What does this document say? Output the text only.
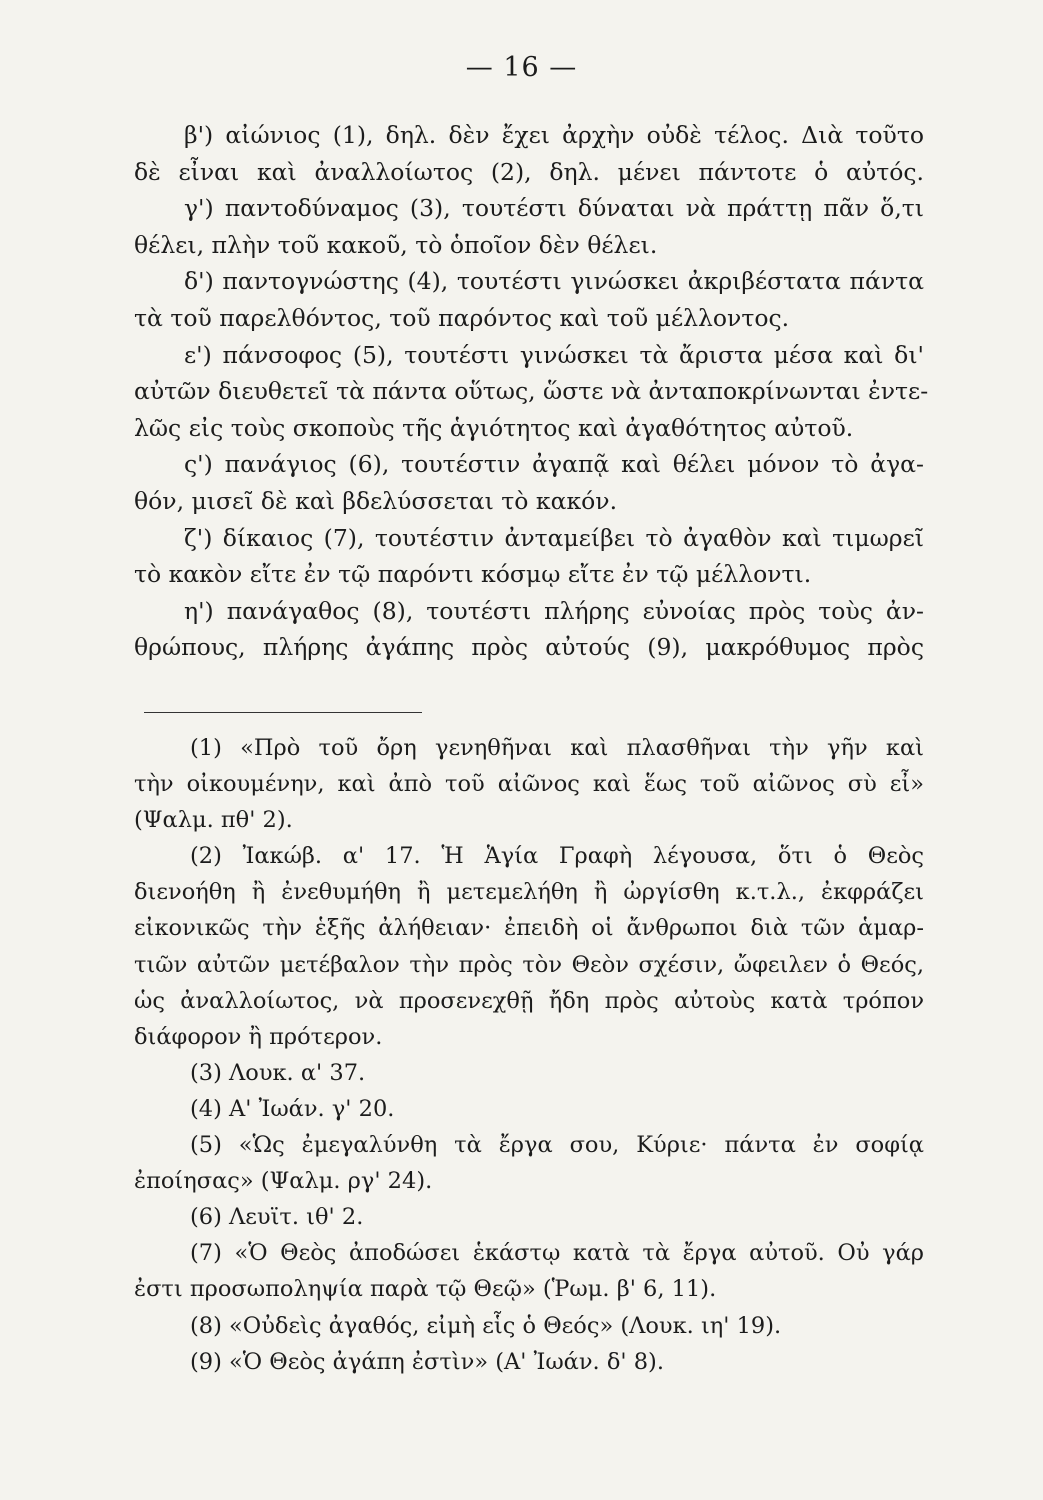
— 16 —
β') αἰώνιος (1), δηλ. δὲν ἔχει ἀρχὴν οὐδὲ τέλος. Διὰ τοῦτο
δὲ εἶναι καὶ ἀναλλοίωτος (2), δηλ. μένει πάντοτε ὁ αὐτός.
γ') παντοδύναμος (3), τουτέστι δύναται νὰ πράττῃ πᾶν ὅ,τι
θέλει, πλὴν τοῦ κακοῦ, τὸ ὁποῖον δὲν θέλει.
δ') παντογνώστης (4), τουτέστι γινώσκει ἀκριβέστατα πάντα
τὰ τοῦ παρελθόντος, τοῦ παρόντος καὶ τοῦ μέλλοντος.
ε') πάνσοφος (5), τουτέστι γινώσκει τὰ ἄριστα μέσα καὶ δι'
αὐτῶν διευθετεῖ τὰ πάντα οὕτως, ὥστε νὰ ἀνταποκρίνωνται ἐντε-
λῶς εἰς τοὺς σκοποὺς τῆς ἁγιότητος καὶ ἀγαθότητος αὐτοῦ.
ς') πανάγιος (6), τουτέστιν ἀγαπᾷ καὶ θέλει μόνον τὸ ἀγα-
θόν, μισεῖ δὲ καὶ βδελύσσεται τὸ κακόν.
ζ') δίκαιος (7), τουτέστιν ἀνταμείβει τὸ ἀγαθὸν καὶ τιμωρεῖ
τὸ κακὸν εἴτε ἐν τῷ παρόντι κόσμῳ εἴτε ἐν τῷ μέλλοντι.
η') πανάγαθος (8), τουτέστι πλήρης εὐνοίας πρὸς τοὺς ἀν-
θρώπους, πλήρης ἀγάπης πρὸς αὐτούς (9), μακρόθυμος πρὸς
(1) «Πρὸ τοῦ ὄρη γενηθῆναι καὶ πλασθῆναι τὴν γῆν καὶ
τὴν οἰκουμένην, καὶ ἀπὸ τοῦ αἰῶνος καὶ ἕως τοῦ αἰῶνος σὺ εἶ»
(Ψαλμ. πθ' 2).
(2) Ἰακώβ. α' 17. Ἡ Ἁγία Γραφὴ λέγουσα, ὅτι ὁ Θεὸς
διενοήθη ἢ ἐνεθυμήθη ἢ μετεμελήθη ἢ ὠργίσθη κ.τ.λ., ἐκφράζει
εἰκονικῶς τὴν ἑξῆς ἀλήθειαν· ἐπειδὴ οἱ ἄνθρωποι διὰ τῶν ἁμαρ-
τιῶν αὐτῶν μετέβαλον τὴν πρὸς τὸν Θεὸν σχέσιν, ὤφειλεν ὁ Θεός,
ὡς ἀναλλοίωτος, νὰ προσενεχθῇ ἤδη πρὸς αὐτοὺς κατὰ τρόπον
διάφορον ἢ πρότερον.
(3) Λουκ. α' 37.
(4) Α' Ἰωάν. γ' 20.
(5) «Ὡς ἐμεγαλύνθη τὰ ἔργα σου, Κύριε· πάντα ἐν σοφίᾳ
ἐποίησας» (Ψαλμ. ργ' 24).
(6) Λευϊτ. ιθ' 2.
(7) «Ὁ Θεὸς ἀποδώσει ἑκάστῳ κατὰ τὰ ἔργα αὐτοῦ. Οὐ γάρ
ἐστι προσωποληψία παρὰ τῷ Θεῷ» (Ῥωμ. β' 6, 11).
(8) «Οὐδεὶς ἀγαθός, εἰμὴ εἷς ὁ Θεός» (Λουκ. ιη' 19).
(9) «Ὁ Θεὸς ἀγάπη ἐστὶν» (Α' Ἰωάν. δ' 8).
